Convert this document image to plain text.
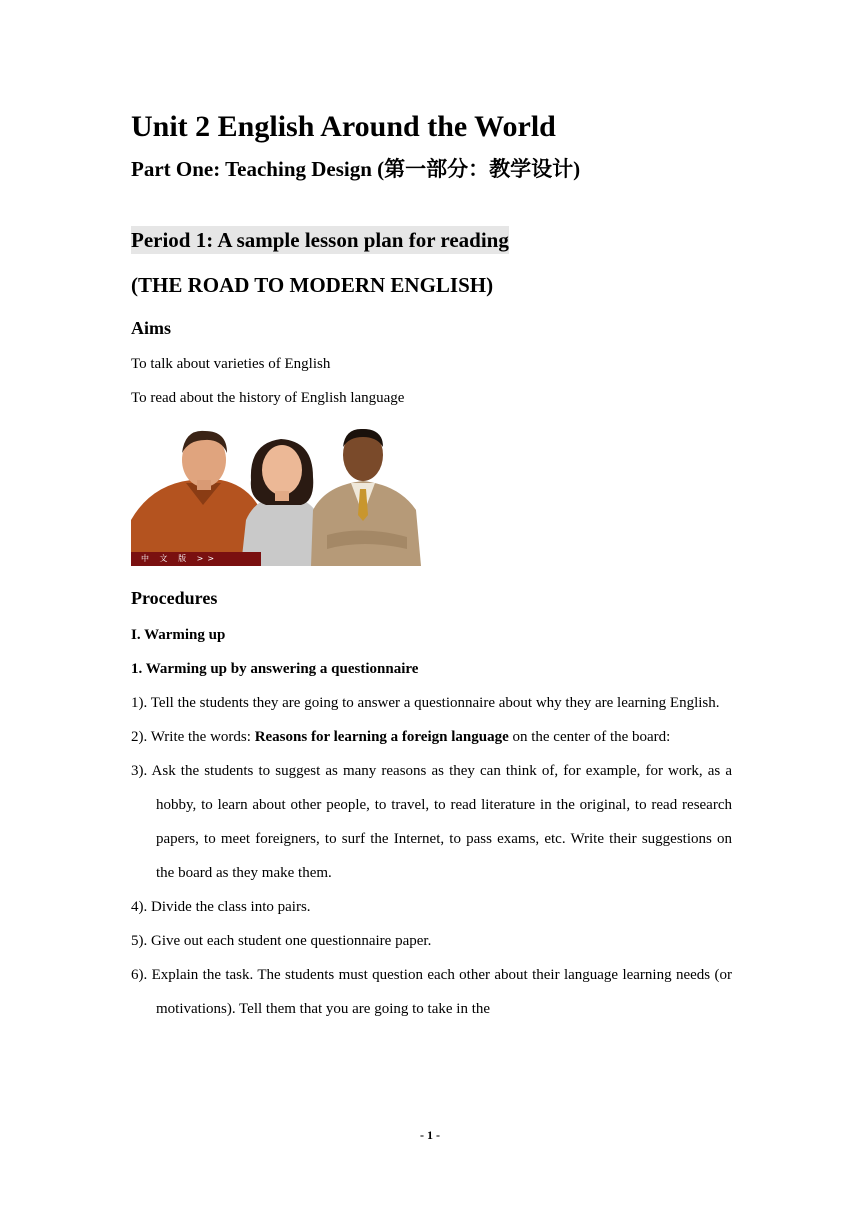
Unit 2 English Around the World
Part One: Teaching Design (第一部分：教学设计)
Period 1: A sample lesson plan for reading
(THE ROAD TO MODERN ENGLISH)
Aims
To talk about varieties of English
To read about the history of English language
中 文 版 >>
Procedures
I. Warming up
1. Warming up by answering a questionnaire
1). Tell the students they are going to answer a questionnaire about why they are learning English.
2). Write the words: Reasons for learning a foreign language on the center of the board:
3). Ask the students to suggest as many reasons as they can think of, for example, for work, as a hobby, to learn about other people, to travel, to read literature in the original, to read research papers, to meet foreigners, to surf the Internet, to pass exams, etc. Write their suggestions on the board as they make them.
4). Divide the class into pairs.
5). Give out each student one questionnaire paper.
6). Explain the task. The students must question each other about their language learning needs (or motivations). Tell them that you are going to take in the
- 1 -
